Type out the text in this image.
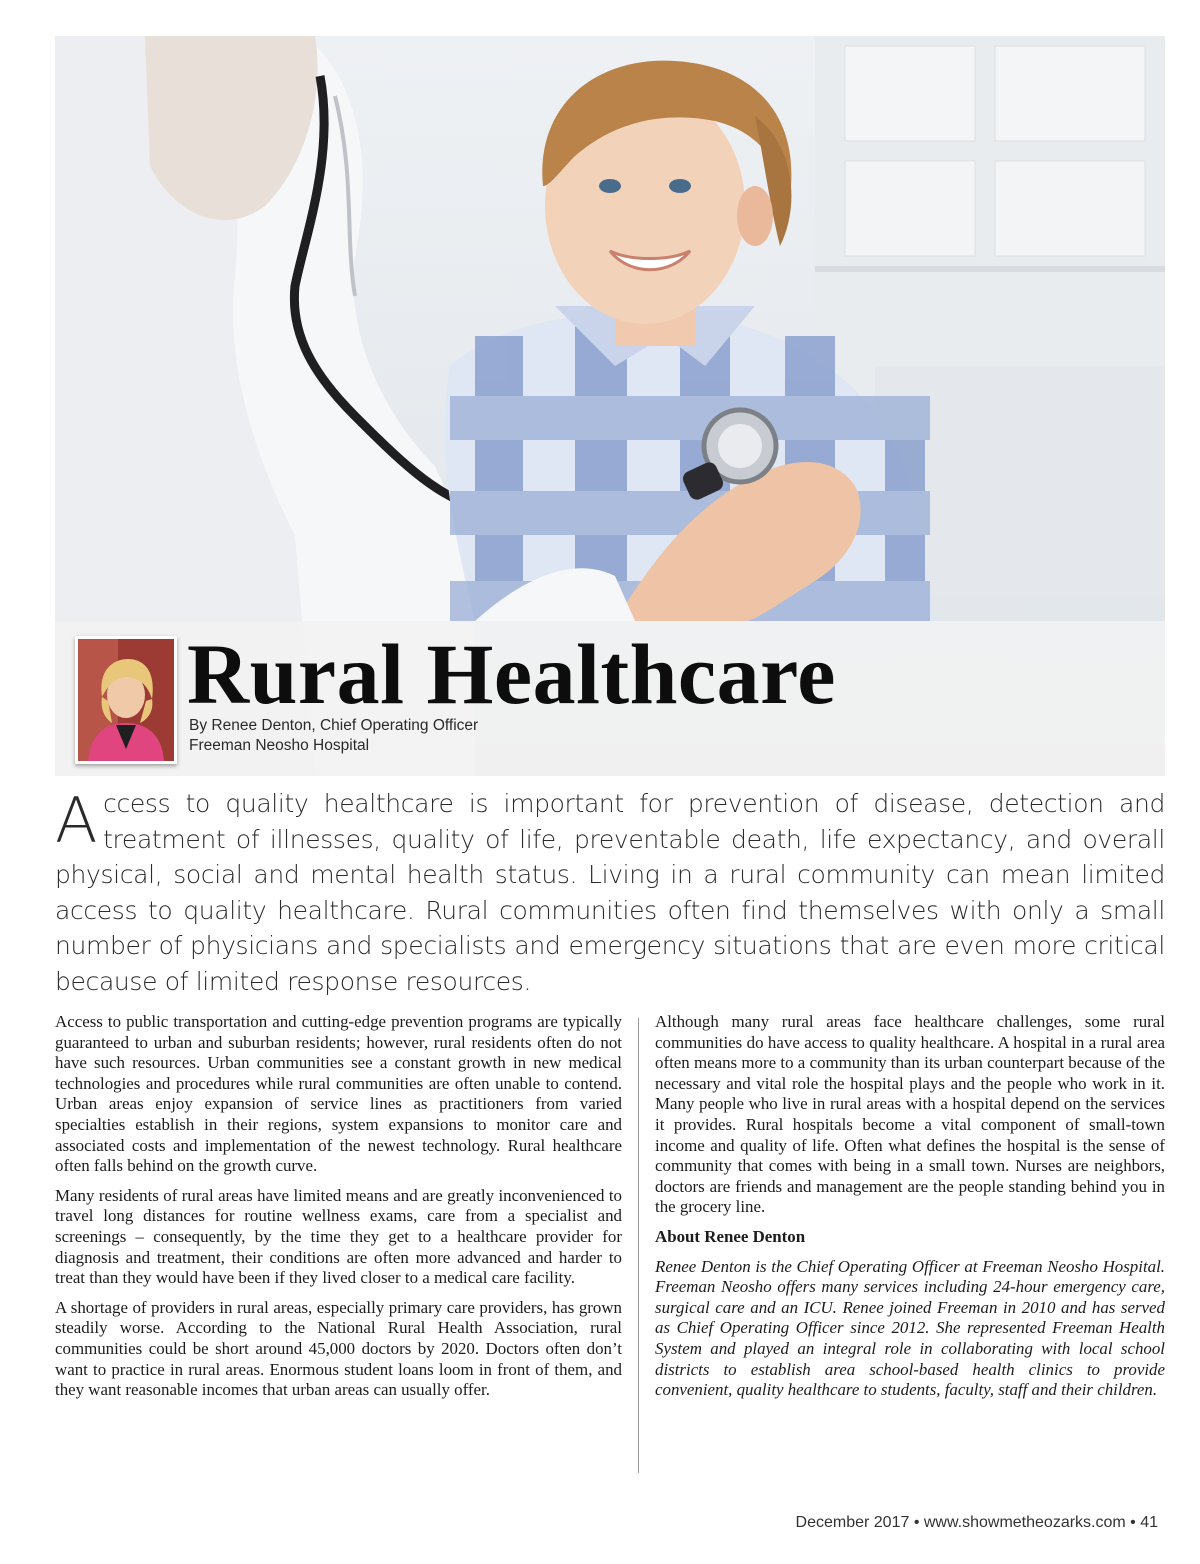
Rural Healthcare
By Renee Denton, Chief Operating Officer
Freeman Neosho Hospital

Access to quality healthcare is important for prevention of disease, detection and treatment of illnesses, quality of life, preventable death, life expectancy, and overall physical, social and mental health status. Living in a rural community can mean limited access to quality healthcare. Rural communities often find themselves with only a small number of physicians and specialists and emergency situations that are even more critical because of limited response resources.

Access to public transportation and cutting-edge prevention programs are typically guaranteed to urban and suburban residents; however, rural residents often do not have such resources. Urban communities see a constant growth in new medical technologies and procedures while rural communities are often unable to contend. Urban areas enjoy expansion of service lines as practitioners from varied specialties establish in their regions, system expansions to monitor care and associated costs and implementation of the newest technology. Rural healthcare often falls behind on the growth curve.

Many residents of rural areas have limited means and are greatly inconvenienced to travel long distances for routine wellness exams, care from a specialist and screenings – consequently, by the time they get to a healthcare provider for diagnosis and treatment, their conditions are often more advanced and harder to treat than they would have been if they lived closer to a medical care facility.

A shortage of providers in rural areas, especially primary care providers, has grown steadily worse. According to the National Rural Health Association, rural communities could be short around 45,000 doctors by 2020. Doctors often don’t want to practice in rural areas. Enormous student loans loom in front of them, and they want reasonable incomes that urban areas can usually offer.

Although many rural areas face healthcare challenges, some rural communities do have access to quality healthcare. A hospital in a rural area often means more to a community than its urban counterpart because of the necessary and vital role the hospital plays and the people who work in it. Many people who live in rural areas with a hospital depend on the services it provides. Rural hospitals become a vital component of small-town income and quality of life. Often what defines the hospital is the sense of community that comes with being in a small town. Nurses are neighbors, doctors are friends and management are the people standing behind you in the grocery line.

About Renee Denton

Renee Denton is the Chief Operating Officer at Freeman Neosho Hospital. Freeman Neosho offers many services including 24-hour emergency care, surgical care and an ICU. Renee joined Freeman in 2010 and has served as Chief Operating Officer since 2012. She represented Freeman Health System and played an integral role in collaborating with local school districts to establish area school-based health clinics to provide convenient, quality healthcare to students, faculty, staff and their children.

December 2017 • www.showmetheozarks.com • 41
